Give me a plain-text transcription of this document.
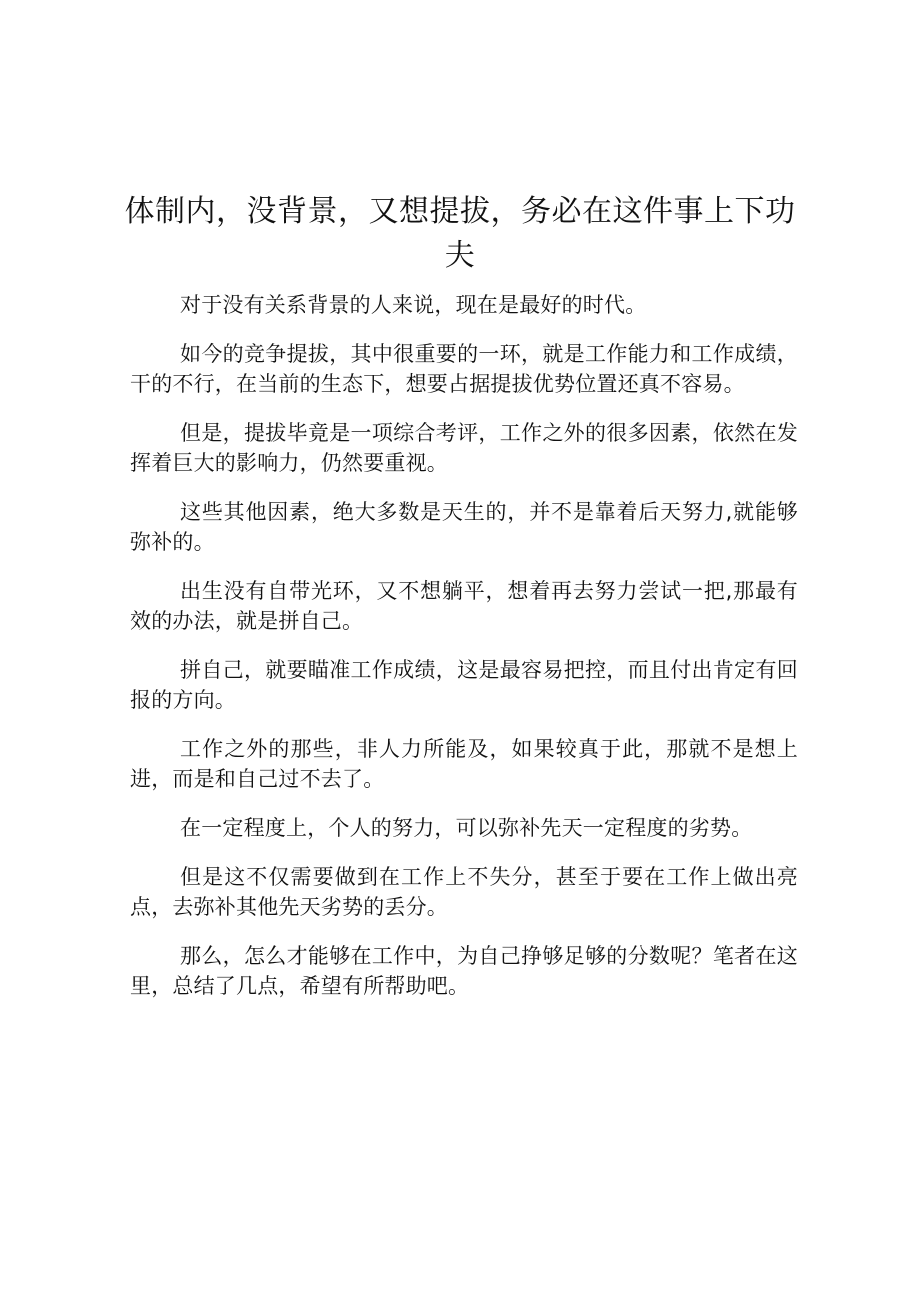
体制内，没背景，又想提拔，务必在这件事上下功夫

对于没有关系背景的人来说，现在是最好的时代。

如今的竞争提拔，其中很重要的一环，就是工作能力和工作成绩，干的不行，在当前的生态下，想要占据提拔优势位置还真不容易。

但是，提拔毕竟是一项综合考评，工作之外的很多因素，依然在发挥着巨大的影响力，仍然要重视。

这些其他因素，绝大多数是天生的，并不是靠着后天努力,就能够弥补的。

出生没有自带光环，又不想躺平，想着再去努力尝试一把,那最有效的办法，就是拼自己。

拼自己，就要瞄准工作成绩，这是最容易把控，而且付出肯定有回报的方向。

工作之外的那些，非人力所能及，如果较真于此，那就不是想上进，而是和自己过不去了。

在一定程度上，个人的努力，可以弥补先天一定程度的劣势。

但是这不仅需要做到在工作上不失分，甚至于要在工作上做出亮点，去弥补其他先天劣势的丢分。

那么，怎么才能够在工作中，为自己挣够足够的分数呢？笔者在这里，总结了几点，希望有所帮助吧。
